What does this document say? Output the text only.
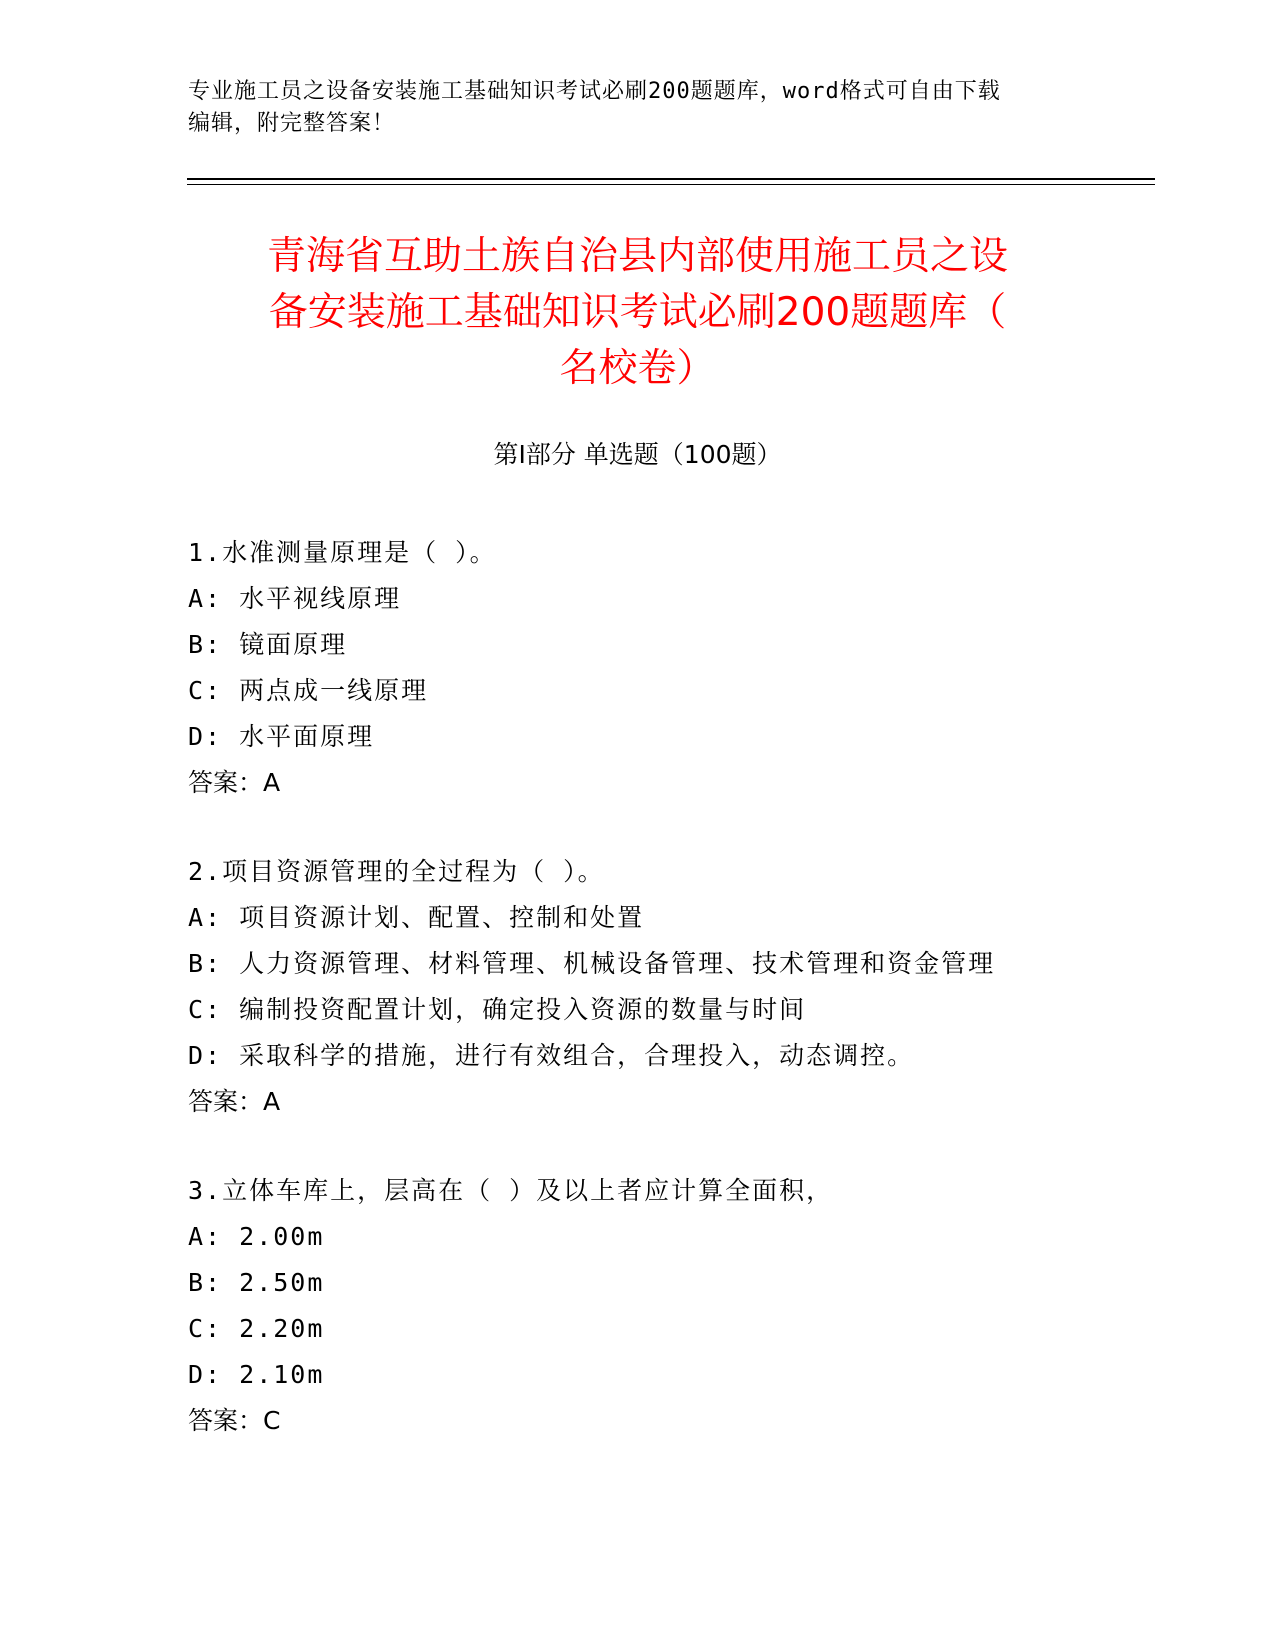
专业施工员之设备安装施工基础知识考试必刷200题题库，word格式可自由下载
编辑，附完整答案！
青海省互助土族自治县内部使用施工员之设
备安装施工基础知识考试必刷200题题库（
名校卷）
第Ⅰ部分 单选题（100题）
1.水准测量原理是（ ）。
A: 水平视线原理
B: 镜面原理
C: 两点成一线原理
D: 水平面原理
答案：A
2.项目资源管理的全过程为（ ）。
A: 项目资源计划、配置、控制和处置
B: 人力资源管理、材料管理、机械设备管理、技术管理和资金管理
C: 编制投资配置计划，确定投入资源的数量与时间
D: 采取科学的措施，进行有效组合，合理投入，动态调控。
答案：A
3.立体车库上，层高在（ ）及以上者应计算全面积，
A: 2.00m
B: 2.50m
C: 2.20m
D: 2.10m
答案：C
